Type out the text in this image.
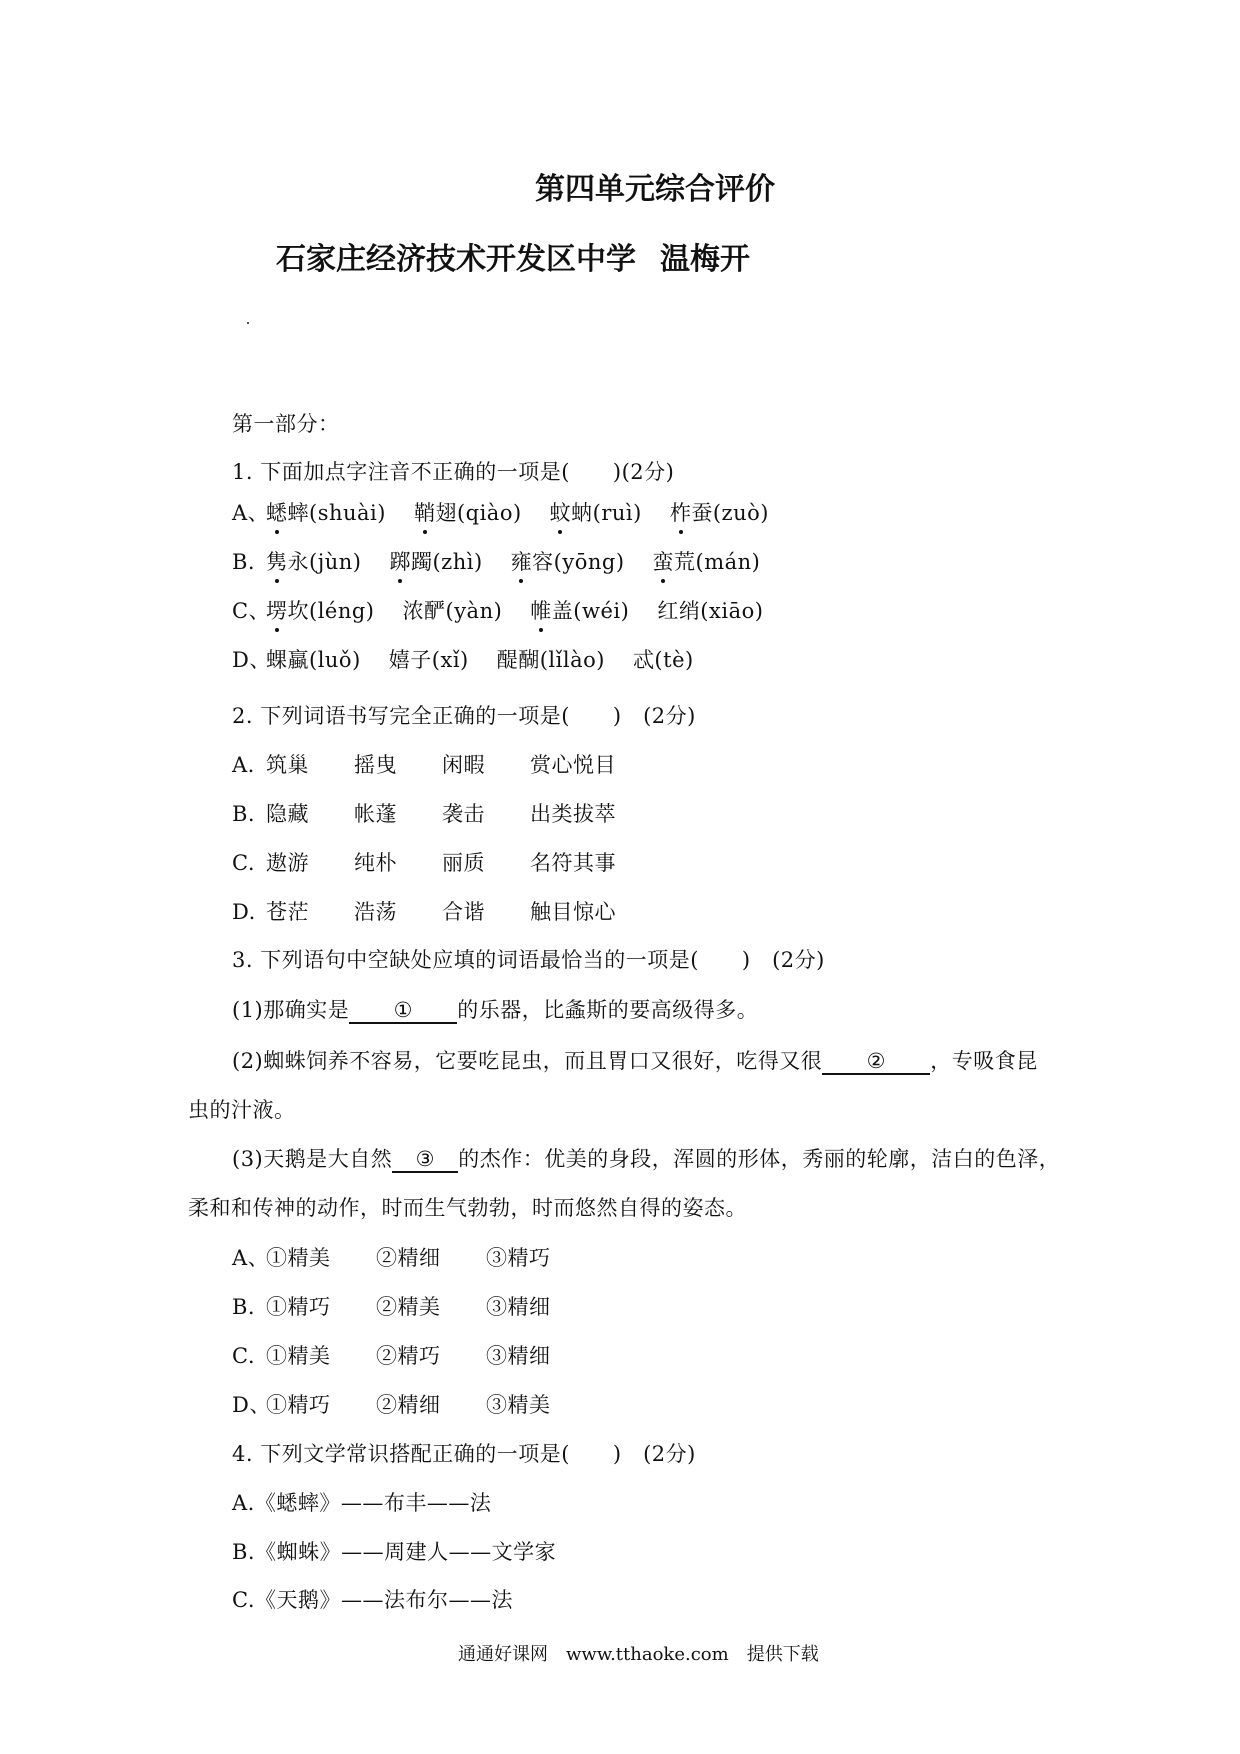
第四单元综合评价
石家庄经济技术开发区中学 温梅开
第一部分：
1. 下面加点字注音不正确的一项是(　　)(2分)
A、蟋蟀(shuài) 鞘翅(qiào) 蚊蚋(ruì) 柞蚕(zuò)
B. 隽永(jùn) 踯躅(zhì) 雍容(yōng) 蛮荒(mán)
C、塄坎(léng) 浓酽(yàn) 帷盖(wéi) 红绡(xiāo)
D、蜾蠃(luǒ) 嬉子(xǐ) 醍醐(lǐlào) 忒(tè)
2. 下列词语书写完全正确的一项是(　　)　(2分)
A. 筑巢 摇曳 闲暇 赏心悦目
B. 隐藏 帐蓬 袭击 出类拔萃
C. 遨游 纯朴 丽质 名符其事
D. 苍茫 浩荡 合谐 触目惊心
3. 下列语句中空缺处应填的词语最恰当的一项是(　　)　(2分)
(1)那确实是 ① 的乐器，比螽斯的要高级得多。
(2)蜘蛛饲养不容易，它要吃昆虫，而且胃口又很好，吃得又很 ② ，专吸食昆
虫的汁液。
(3)天鹅是大自然 ③ 的杰作：优美的身段，浑圆的形体，秀丽的轮廓，洁白的色泽，
柔和和传神的动作，时而生气勃勃，时而悠然自得的姿态。
A、①精美 ②精细 ③精巧
B. ①精巧 ②精美 ③精细
C. ①精美 ②精巧 ③精细
D、①精巧 ②精细 ③精美
4. 下列文学常识搭配正确的一项是(　　)　(2分)
A.《蟋蟀》——布丰——法
B.《蜘蛛》——周建人——文学家
C.《天鹅》——法布尔——法
通通好课网　www.tthaoke.com　提供下载
